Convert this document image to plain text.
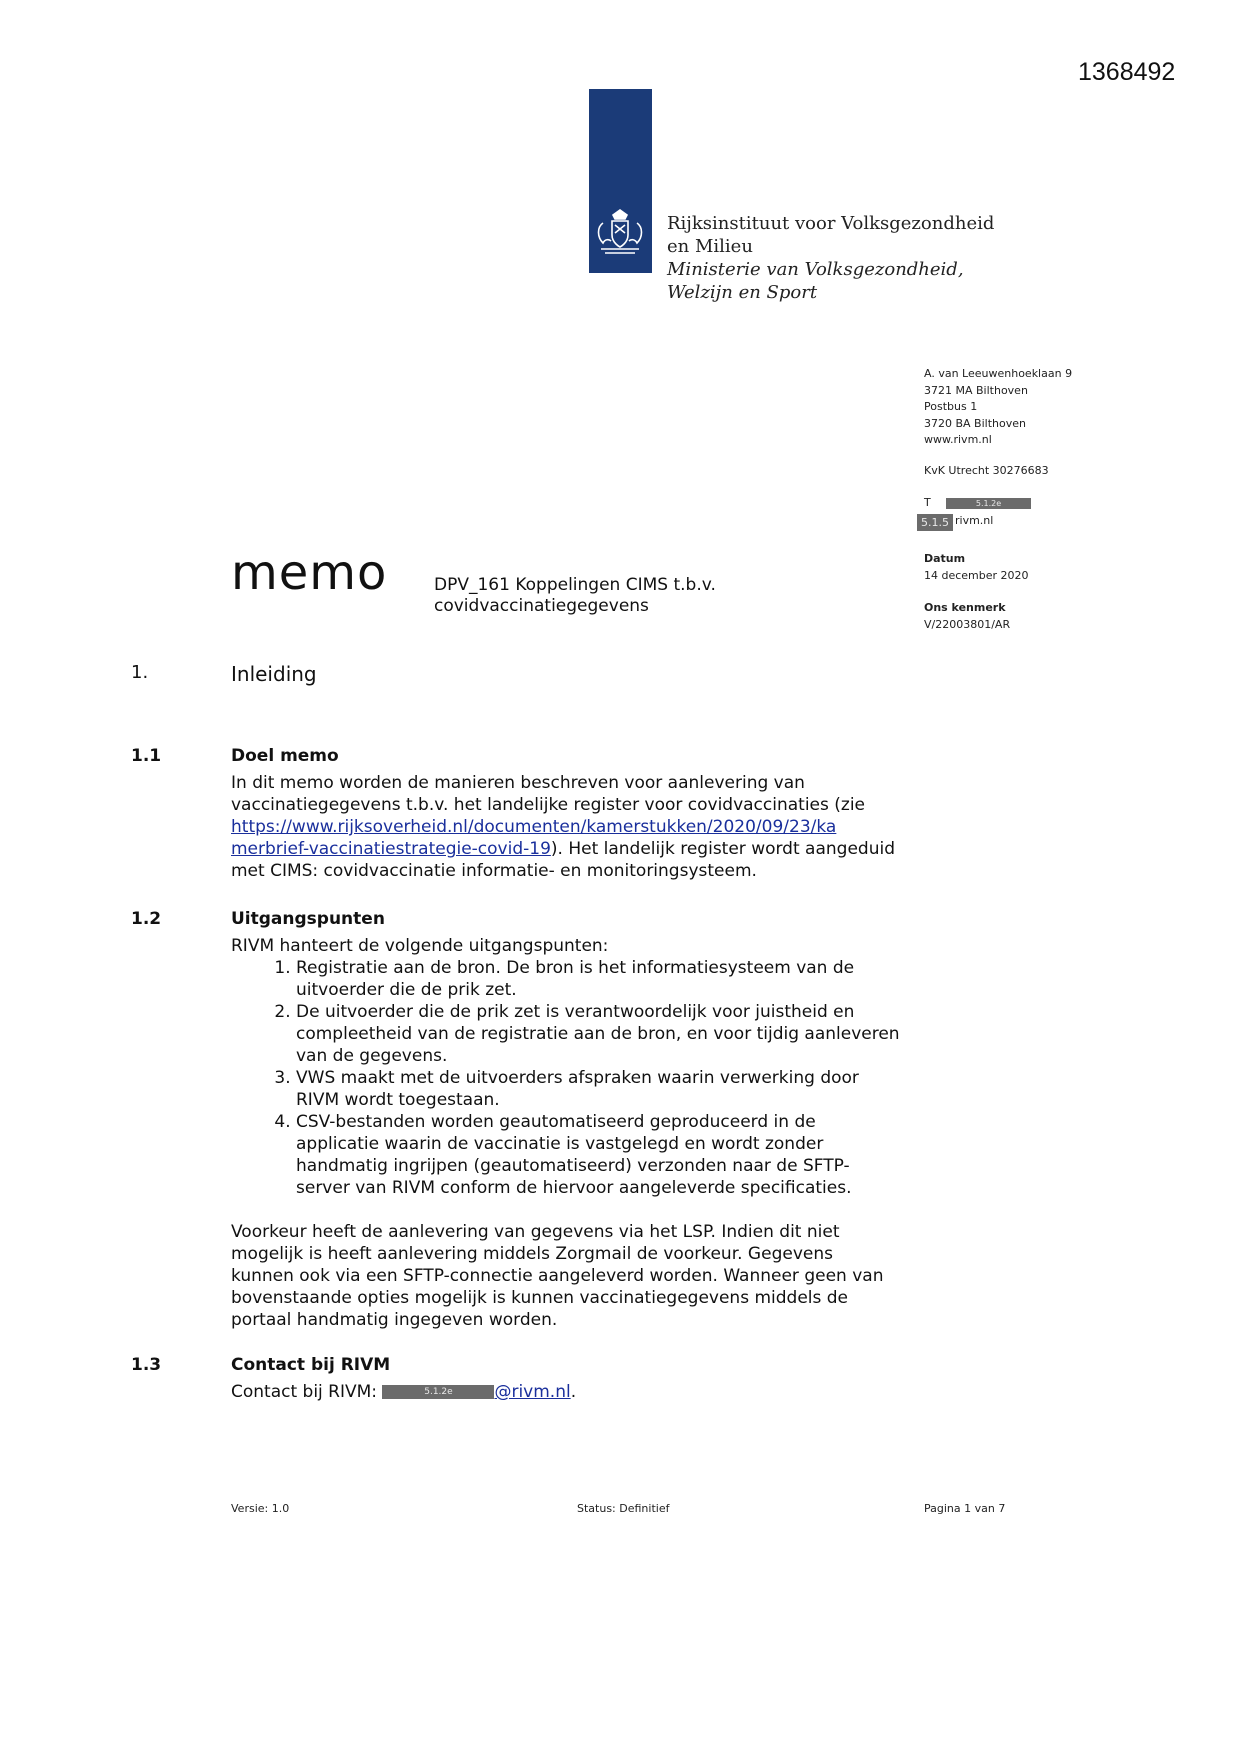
1368492
Rijksinstituut voor Volksgezondheid
en Milieu
Ministerie van Volksgezondheid,
Welzijn en Sport
A. van Leeuwenhoeklaan 9
3721 MA Bilthoven
Postbus 1
3720 BA Bilthoven
www.rivm.nl
KvK Utrecht 30276683
T	5.1.2e
5.1.5 rivm.nl
Datum
14 december 2020
Ons kenmerk
V/22003801/AR
memo	DPV_161 Koppelingen CIMS t.b.v.
covidvaccinatiegegevens
1.	Inleiding
1.1	Doel memo
In dit memo worden de manieren beschreven voor aanlevering van vaccinatiegegevens t.b.v. het landelijke register voor covidvaccinaties (zie https://www.rijksoverheid.nl/documenten/kamerstukken/2020/09/23/ka
merbrief-vaccinatiestrategie-covid-19). Het landelijk register wordt aangeduid met CIMS: covidvaccinatie informatie- en monitoringsysteem.
1.2	Uitgangspunten
RIVM hanteert de volgende uitgangspunten:
1. Registratie aan de bron. De bron is het informatiesysteem van de uitvoerder die de prik zet.
2. De uitvoerder die de prik zet is verantwoordelijk voor juistheid en compleetheid van de registratie aan de bron, en voor tijdig aanleveren van de gegevens.
3. VWS maakt met de uitvoerders afspraken waarin verwerking door RIVM wordt toegestaan.
4. CSV-bestanden worden geautomatiseerd geproduceerd in de applicatie waarin de vaccinatie is vastgelegd en wordt zonder handmatig ingrijpen (geautomatiseerd) verzonden naar de SFTP-server van RIVM conform de hiervoor aangeleverde specificaties.
Voorkeur heeft de aanlevering van gegevens via het LSP. Indien dit niet mogelijk is heeft aanlevering middels Zorgmail de voorkeur. Gegevens kunnen ook via een SFTP-connectie aangeleverd worden. Wanneer geen van bovenstaande opties mogelijk is kunnen vaccinatiegegevens middels de portaal handmatig ingegeven worden.
1.3	Contact bij RIVM
Contact bij RIVM:	5.1.2e @rivm.nl.
Versie: 1.0	Status: Definitief	Pagina 1 van 7
